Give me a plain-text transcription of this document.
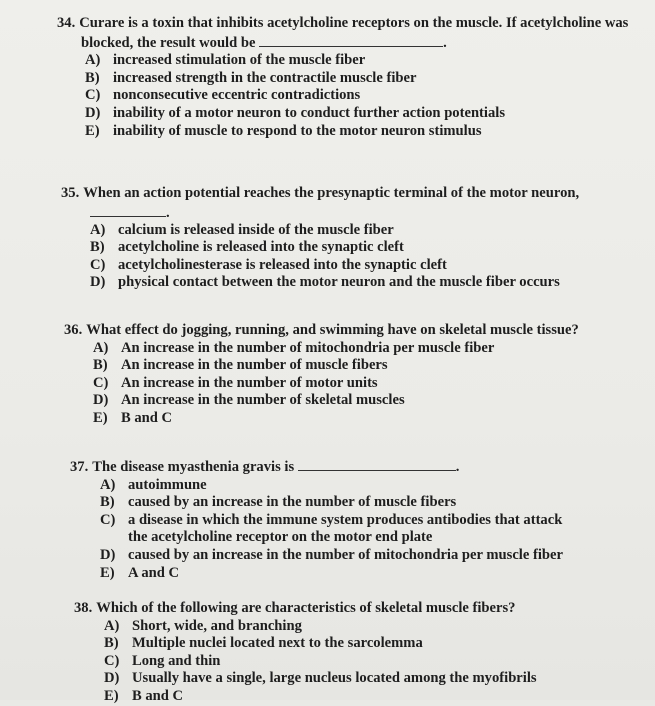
34. Curare is a toxin that inhibits acetylcholine receptors on the muscle. If acetylcholine was
blocked, the result would be	.
A) increased stimulation of the muscle fiber
B) increased strength in the contractile muscle fiber
C) nonconsecutive eccentric contradictions
D) inability of a motor neuron to conduct further action potentials
E) inability of muscle to respond to the motor neuron stimulus
35. When an action potential reaches the presynaptic terminal of the motor neuron,
.
A) calcium is released inside of the muscle fiber
B) acetylcholine is released into the synaptic cleft
C) acetylcholinesterase is released into the synaptic cleft
D) physical contact between the motor neuron and the muscle fiber occurs
36. What effect do jogging, running, and swimming have on skeletal muscle tissue?
A) An increase in the number of mitochondria per muscle fiber
B) An increase in the number of muscle fibers
C) An increase in the number of motor units
D) An increase in the number of skeletal muscles
E) B and C
37. The disease myasthenia gravis is	.
A) autoimmune
B) caused by an increase in the number of muscle fibers
C) a disease in which the immune system produces antibodies that attack the acetylcholine receptor on the motor end plate
D) caused by an increase in the number of mitochondria per muscle fiber
E) A and C
38. Which of the following are characteristics of skeletal muscle fibers?
A) Short, wide, and branching
B) Multiple nuclei located next to the sarcolemma
C) Long and thin
D) Usually have a single, large nucleus located among the myofibrils
E) B and C
